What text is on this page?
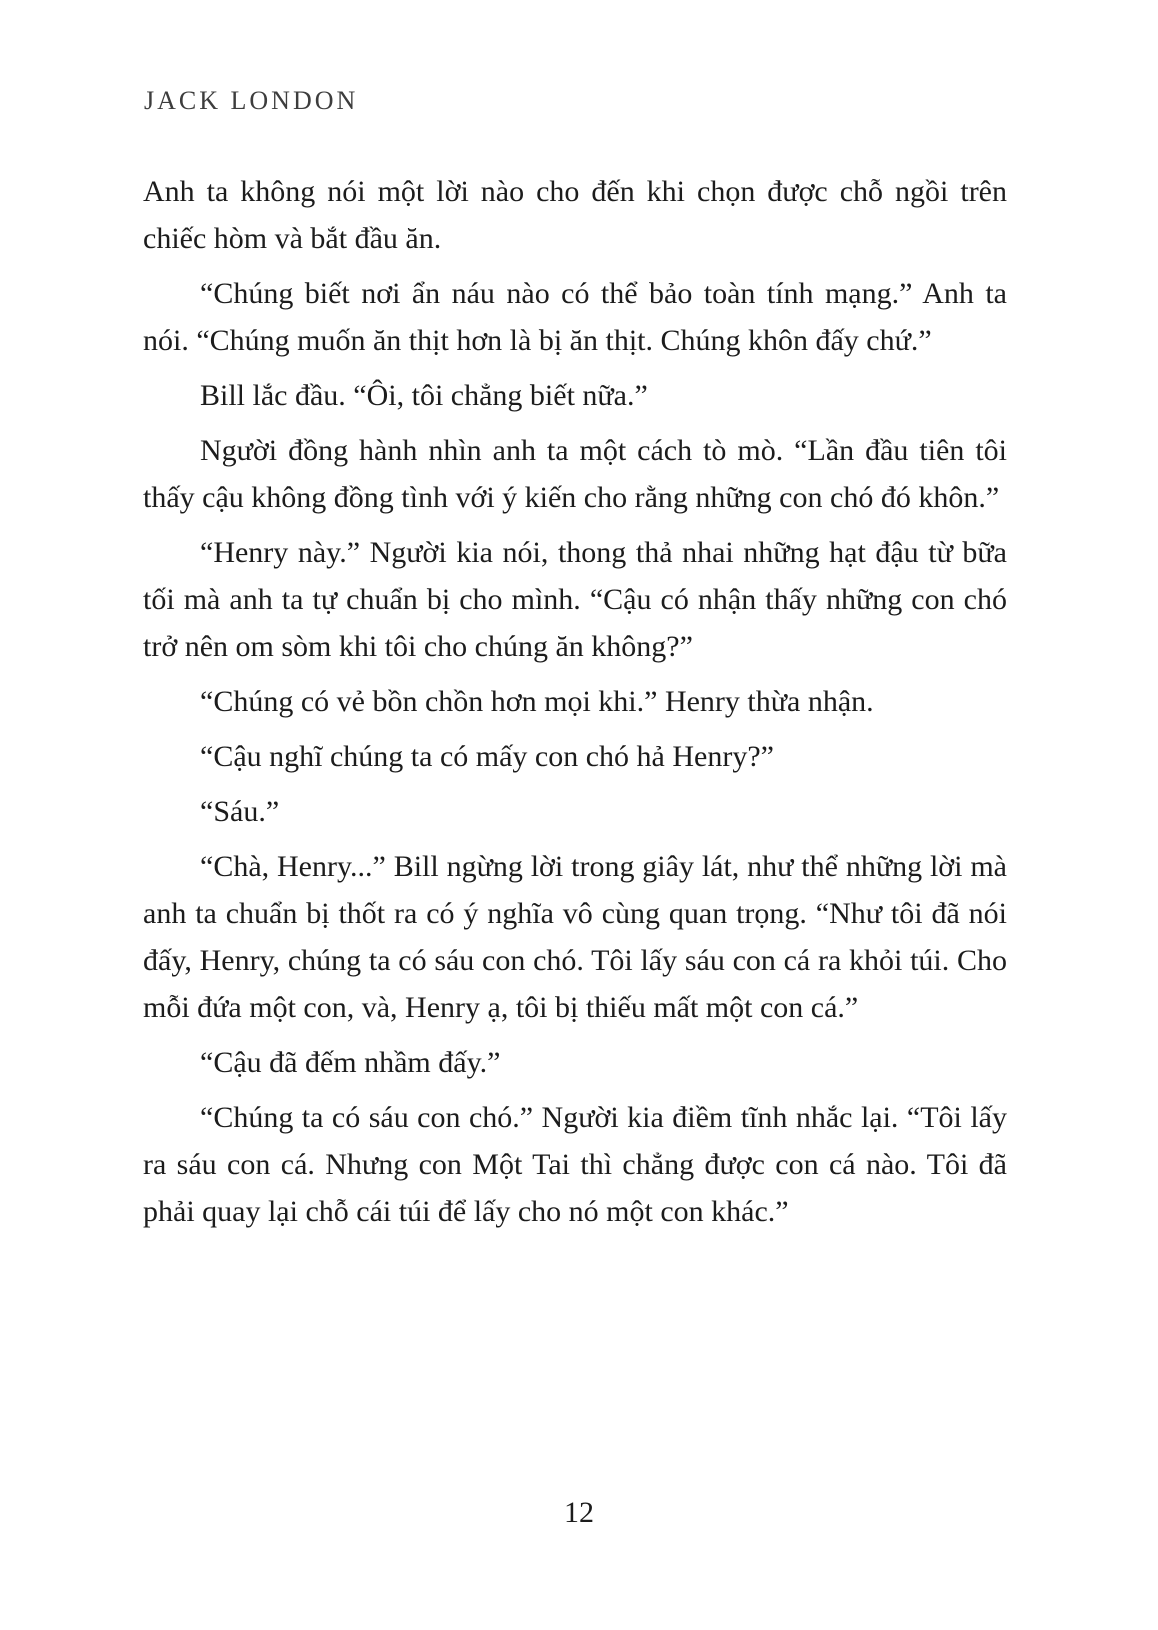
JACK LONDON

Anh ta không nói một lời nào cho đến khi chọn được chỗ ngồi trên chiếc hòm và bắt đầu ăn.

“Chúng biết nơi ẩn náu nào có thể bảo toàn tính mạng.” Anh ta nói. “Chúng muốn ăn thịt hơn là bị ăn thịt. Chúng khôn đấy chứ.”

Bill lắc đầu. “Ôi, tôi chẳng biết nữa.”

Người đồng hành nhìn anh ta một cách tò mò. “Lần đầu tiên tôi thấy cậu không đồng tình với ý kiến cho rằng những con chó đó khôn.”

“Henry này.” Người kia nói, thong thả nhai những hạt đậu từ bữa tối mà anh ta tự chuẩn bị cho mình. “Cậu có nhận thấy những con chó trở nên om sòm khi tôi cho chúng ăn không?”

“Chúng có vẻ bồn chồn hơn mọi khi.” Henry thừa nhận.

“Cậu nghĩ chúng ta có mấy con chó hả Henry?”

“Sáu.”

“Chà, Henry...” Bill ngừng lời trong giây lát, như thể những lời mà anh ta chuẩn bị thốt ra có ý nghĩa vô cùng quan trọng. “Như tôi đã nói đấy, Henry, chúng ta có sáu con chó. Tôi lấy sáu con cá ra khỏi túi. Cho mỗi đứa một con, và, Henry ạ, tôi bị thiếu mất một con cá.”

“Cậu đã đếm nhầm đấy.”

“Chúng ta có sáu con chó.” Người kia điềm tĩnh nhắc lại. “Tôi lấy ra sáu con cá. Nhưng con Một Tai thì chẳng được con cá nào. Tôi đã phải quay lại chỗ cái túi để lấy cho nó một con khác.”

12
